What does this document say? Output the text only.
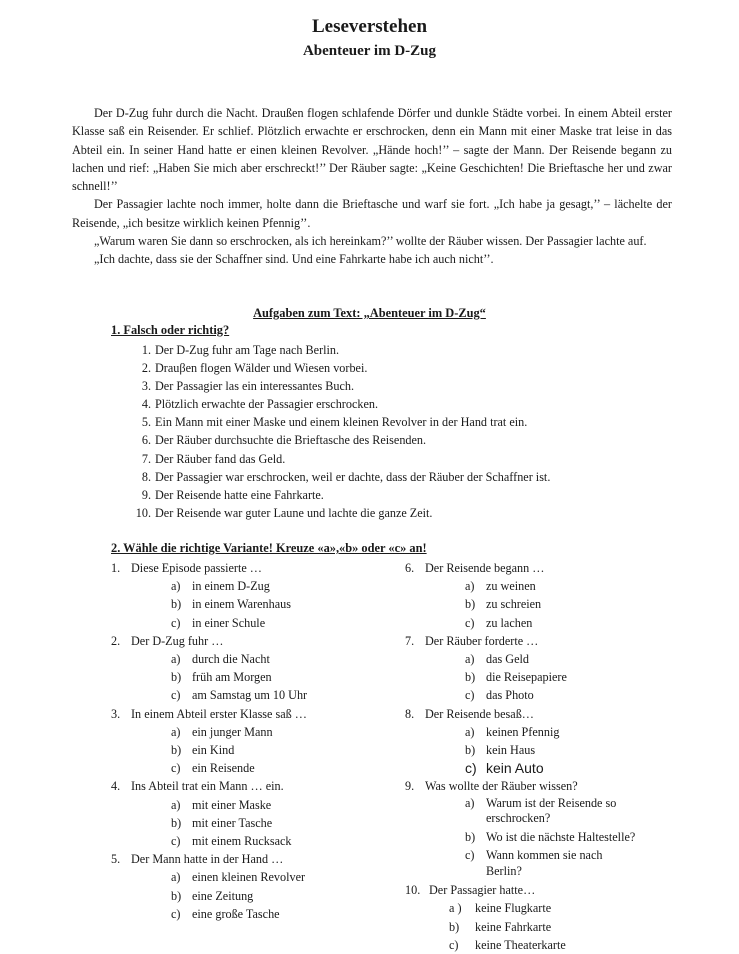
Leseverstehen
Abenteuer im D-Zug

Der D-Zug fuhr durch die Nacht. Draußen flogen schlafende Dörfer und dunkle Städte vorbei. In einem Abteil erster Klasse saß ein Reisender. Er schlief. Plötzlich erwachte er erschrocken, denn ein Mann mit einer Maske trat leise in das Abteil ein. In seiner Hand hatte er einen kleinen Revolver. „Hände hoch!’’ – sagte der Mann. Der Reisende begann zu lachen und rief: „Haben Sie mich aber erschreckt!’’ Der Räuber sagte: „Keine Geschichten! Die Brieftasche her und zwar schnell!’’

Der Passagier lachte noch immer, holte dann die Brieftasche und warf sie fort. „Ich habe ja gesagt,’’ – lächelte der Reisende, „ich besitze wirklich keinen Pfennig’’.

„Warum waren Sie dann so erschrocken, als ich hereinkam?’’ wollte der Räuber wissen. Der Passagier lachte auf.

„Ich dachte, dass sie der Schaffner sind. Und eine Fahrkarte habe ich auch nicht’’.

Aufgaben zum Text: „Abenteuer im D-Zug“
1. Falsch oder richtig?
1. Der D-Zug fuhr am Tage nach Berlin.
2. Drauβen flogen Wälder und Wiesen vorbei.
3. Der Passagier las ein interessantes Buch.
4. Plötzlich erwachte der Passagier erschrocken.
5. Ein Mann mit einer Maske und einem kleinen Revolver in der Hand trat ein.
6. Der Räuber durchsuchte die Brieftasche des Reisenden.
7. Der Räuber fand das Geld.
8. Der Passagier war erschrocken, weil er dachte, dass der Räuber der Schaffner ist.
9. Der Reisende hatte eine Fahrkarte.
10. Der Reisende war guter Laune und lachte die ganze Zeit.
2. Wähle die richtige Variante! Kreuze «a»,«b» oder «c» an!
1. Diese Episode passierte …
a) in einem D-Zug
b) in einem Warenhaus
c) in einer Schule
2. Der D-Zug fuhr …
a) durch die Nacht
b) früh am Morgen
c) am Samstag um 10 Uhr
3. In einem Abteil erster Klasse saß …
a) ein junger Mann
b) ein Kind
c) ein Reisende
4. Ins Abteil trat ein Mann … ein.
a) mit einer Maske
b) mit einer Tasche
c) mit einem Rucksack
5. Der Mann hatte in der Hand …
a) einen kleinen Revolver
b) eine Zeitung
c) eine große Tasche
6. Der Reisende begann …
a) zu weinen
b) zu schreien
c) zu lachen
7. Der Räuber forderte …
a) das Geld
b) die Reisepapiere
c) das Photo
8. Der Reisende besaß…
a) keinen Pfennig
b) kein Haus
c) kein Auto
9. Was wollte der Räuber wissen?
a) Warum ist der Reisende so erschrocken?
b) Wo ist die nächste Haltestelle?
c) Wann kommen sie nach Berlin?
10. Der Passagier hatte…
a ) keine Flugkarte
b) keine Fahrkarte
c) keine Theaterkarte
